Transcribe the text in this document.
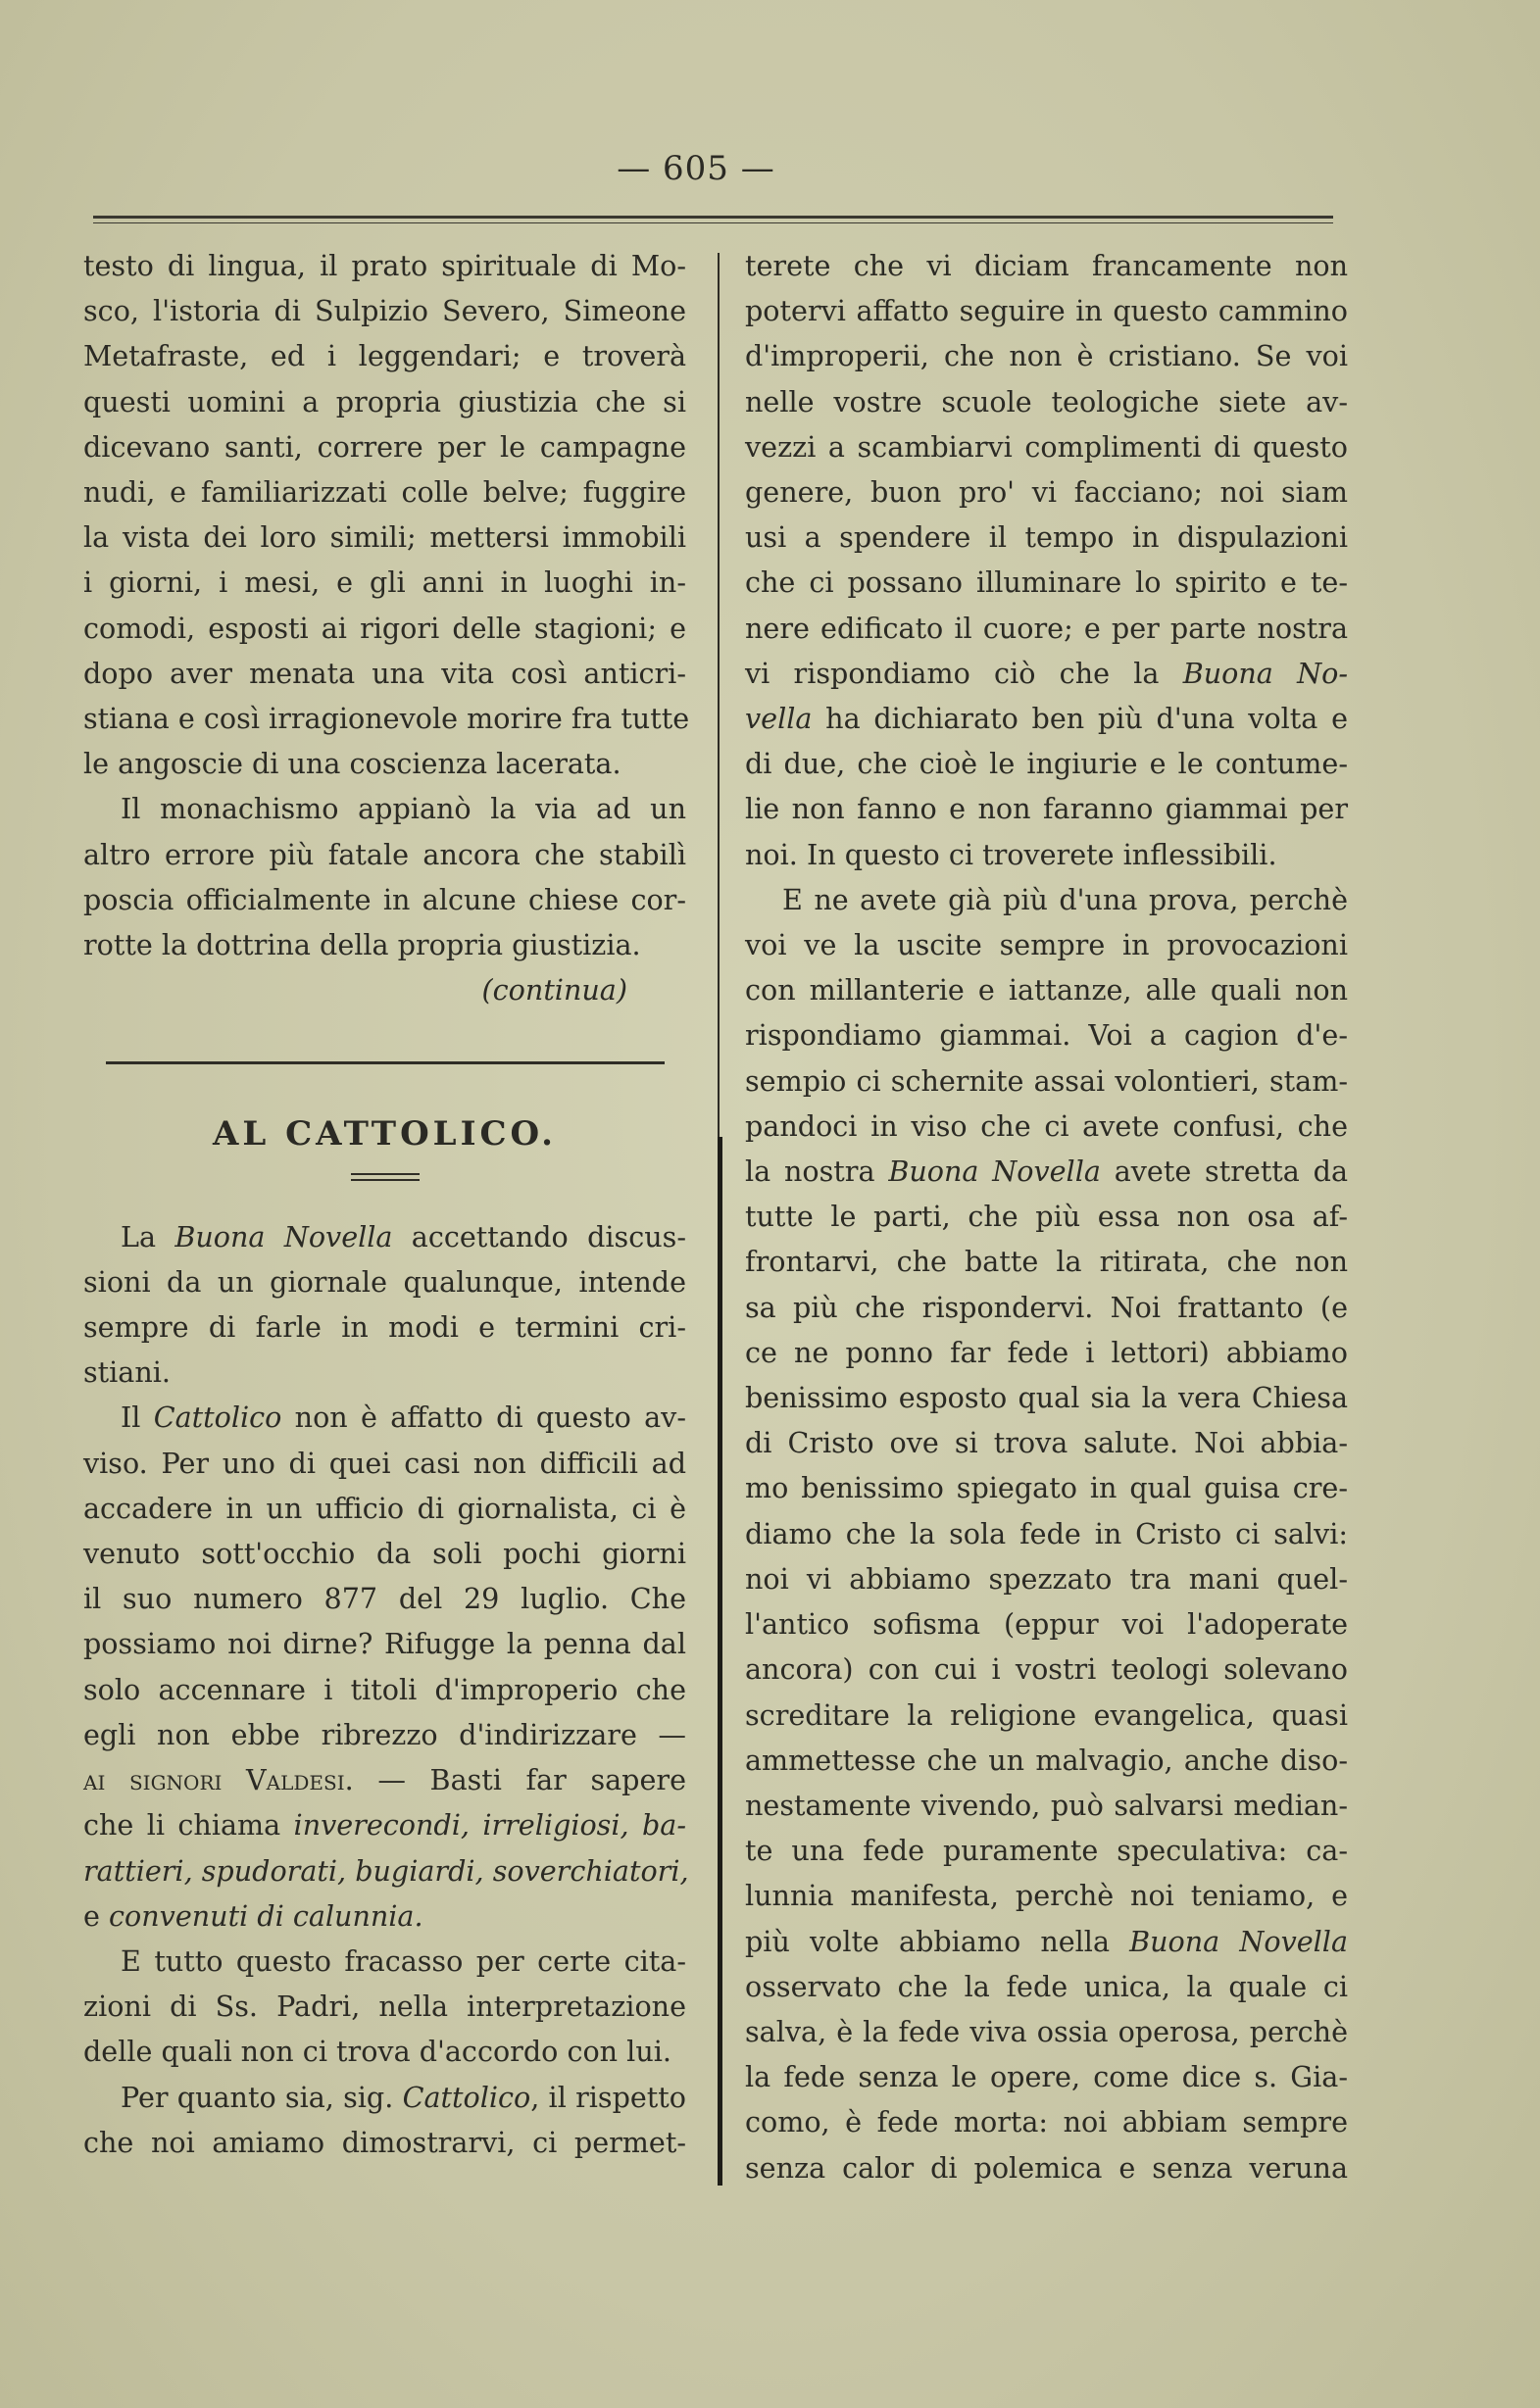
— 605 —
testo di lingua, il prato spirituale di Mo-
sco, l'istoria di Sulpizio Severo, Simeone
Metafraste, ed i leggendari; e troverà
questi uomini a propria giustizia che si
dicevano santi, correre per le campagne
nudi, e familiarizzati colle belve; fuggire
la vista dei loro simili; mettersi immobili
i giorni, i mesi, e gli anni in luoghi in-
comodi, esposti ai rigori delle stagioni; e
dopo aver menata una vita così anticri-
stiana e così irragionevole morire fra tutte
le angoscie di una coscienza lacerata.
Il monachismo appianò la via ad un
altro errore più fatale ancora che stabilì
poscia officialmente in alcune chiese cor-
rotte la dottrina della propria giustizia.
(continua)
AL CATTOLICO.
La Buona Novella accettando discus-
sioni da un giornale qualunque, intende
sempre di farle in modi e termini cri-
stiani.
Il Cattolico non è affatto di questo av-
viso. Per uno di quei casi non difficili ad
accadere in un ufficio di giornalista, ci è
venuto sott'occhio da soli pochi giorni
il suo numero 877 del 29 luglio. Che
possiamo noi dirne? Rifugge la penna dal
solo accennare i titoli d'improperio che
egli non ebbe ribrezzo d'indirizzare —
ai signori Valdesi. — Basti far sapere
che li chiama inverecondi, irreligiosi, ba-
rattieri, spudorati, bugiardi, soverchiatori,
e convenuti di calunnia.
E tutto questo fracasso per certe cita-
zioni di Ss. Padri, nella interpretazione
delle quali non ci trova d'accordo con lui.
Per quanto sia, sig. Cattolico, il rispetto
che noi amiamo dimostrarvi, ci permet-
terete che vi diciam francamente non
potervi affatto seguire in questo cammino
d'improperii, che non è cristiano. Se voi
nelle vostre scuole teologiche siete av-
vezzi a scambiarvi complimenti di questo
genere, buon pro' vi facciano; noi siam
usi a spendere il tempo in dispulazioni
che ci possano illuminare lo spirito e te-
nere edificato il cuore; e per parte nostra
vi rispondiamo ciò che la Buona No-
vella ha dichiarato ben più d'una volta e
di due, che cioè le ingiurie e le contume-
lie non fanno e non faranno giammai per
noi. In questo ci troverete inflessibili.
E ne avete già più d'una prova, perchè
voi ve la uscite sempre in provocazioni
con millanterie e iattanze, alle quali non
rispondiamo giammai. Voi a cagion d'e-
sempio ci schernite assai volontieri, stam-
pandoci in viso che ci avete confusi, che
la nostra Buona Novella avete stretta da
tutte le parti, che più essa non osa af-
frontarvi, che batte la ritirata, che non
sa più che rispondervi. Noi frattanto (e
ce ne ponno far fede i lettori) abbiamo
benissimo esposto qual sia la vera Chiesa
di Cristo ove si trova salute. Noi abbia-
mo benissimo spiegato in qual guisa cre-
diamo che la sola fede in Cristo ci salvi:
noi vi abbiamo spezzato tra mani quel-
l'antico sofisma (eppur voi l'adoperate
ancora) con cui i vostri teologi solevano
screditare la religione evangelica, quasi
ammettesse che un malvagio, anche diso-
nestamente vivendo, può salvarsi median-
te una fede puramente speculativa: ca-
lunnia manifesta, perchè noi teniamo, e
più volte abbiamo nella Buona Novella
osservato che la fede unica, la quale ci
salva, è la fede viva ossia operosa, perchè
la fede senza le opere, come dice s. Gia-
como, è fede morta: noi abbiam sempre
senza calor di polemica e senza veruna
